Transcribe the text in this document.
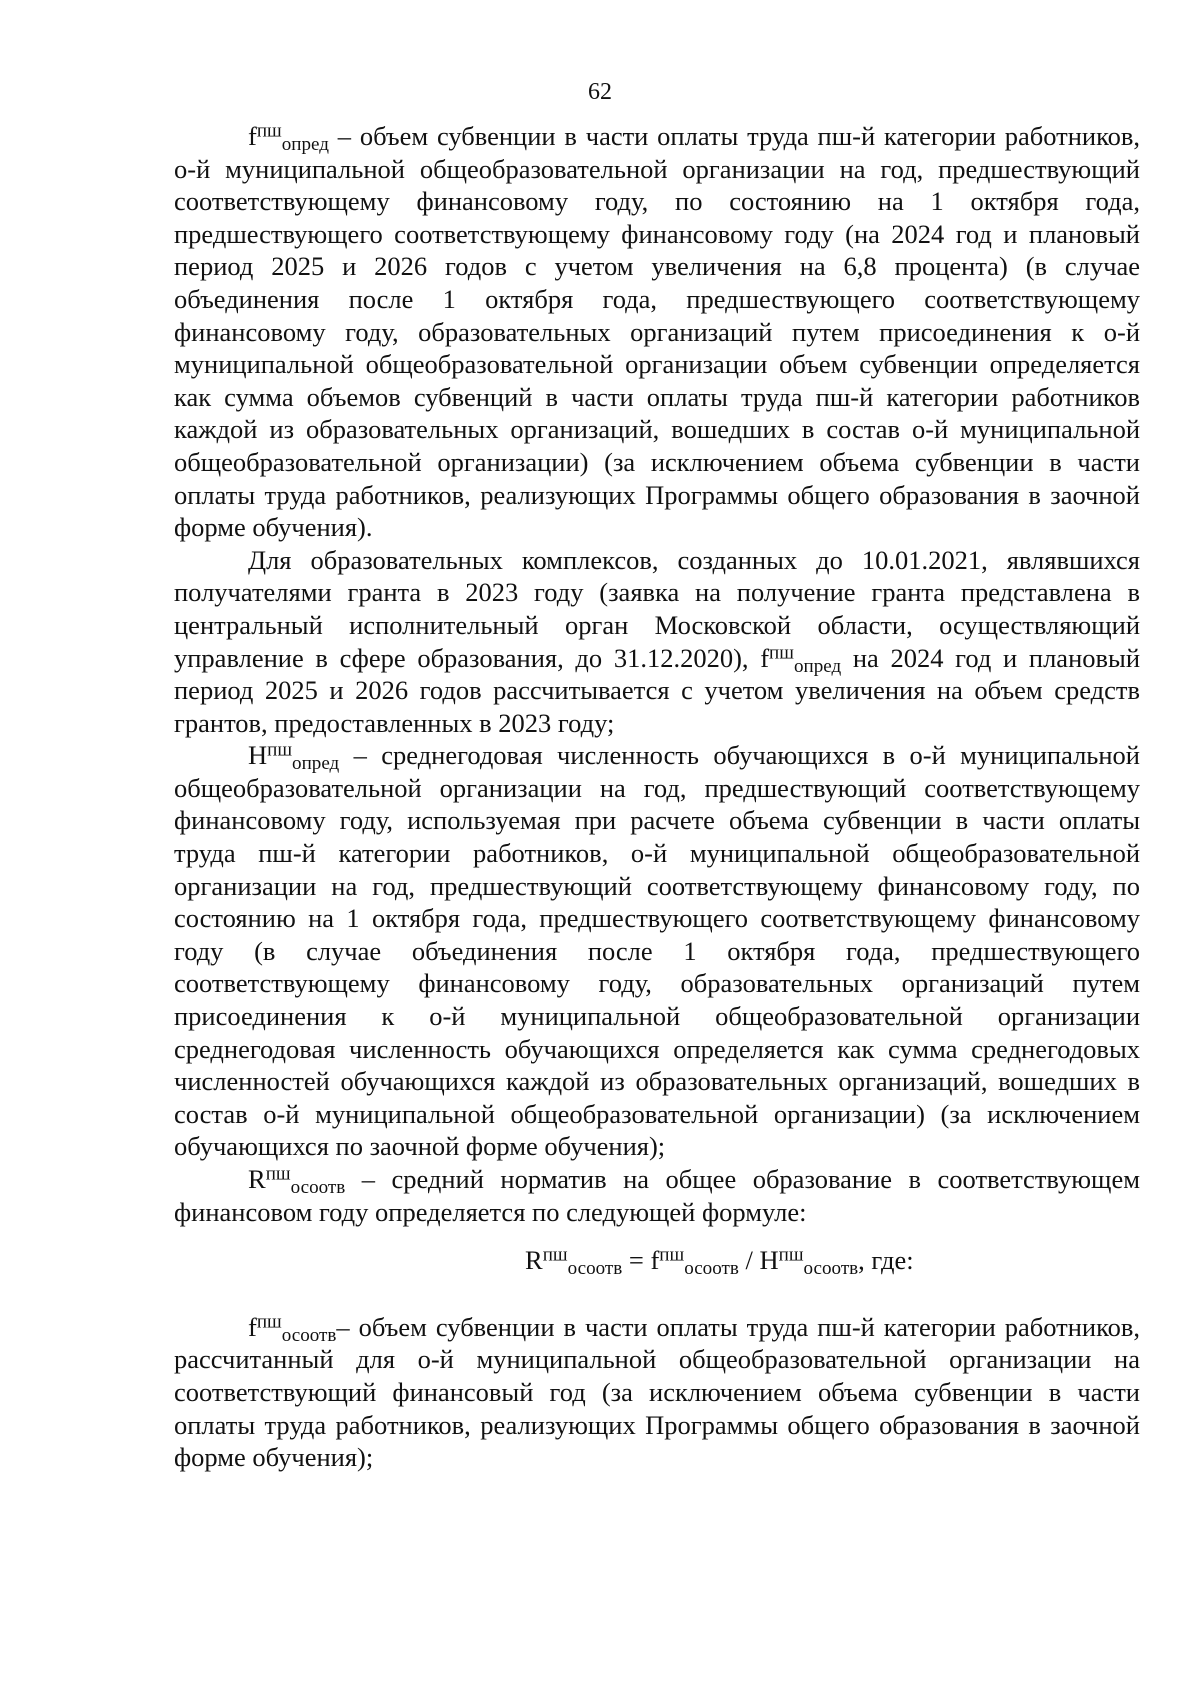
62

$f^{пш}_{опред}$ – объем субвенции в части оплаты труда пш-й категории работников, о-й муниципальной общеобразовательной организации на год, предшествующий соответствующему финансовому году, по состоянию на 1 октября года, предшествующего соответствующему финансовому году (на 2024 год и плановый период 2025 и 2026 годов с учетом увеличения на 6,8 процента) (в случае объединения после 1 октября года, предшествующего соответствующему финансовому году, образовательных организаций путем присоединения к о-й муниципальной общеобразовательной организации объем субвенции определяется как сумма объемов субвенций в части оплаты труда пш-й категории работников каждой из образовательных организаций, вошедших в состав о-й муниципальной общеобразовательной организации) (за исключением объема субвенции в части оплаты труда работников, реализующих Программы общего образования в заочной форме обучения).

Для образовательных комплексов, созданных до 10.01.2021, являвшихся получателями гранта в 2023 году (заявка на получение гранта представлена в центральный исполнительный орган Московской области, осуществляющий управление в сфере образования, до 31.12.2020), $f^{пш}_{опред}$ на 2024 год и плановый период 2025 и 2026 годов рассчитывается с учетом увеличения на объем средств грантов, предоставленных в 2023 году;

$H^{пш}_{опред}$ – среднегодовая численность обучающихся в о-й муниципальной общеобразовательной организации на год, предшествующий соответствующему финансовому году, используемая при расчете объема субвенции в части оплаты труда пш-й категории работников, о-й муниципальной общеобразовательной организации на год, предшествующий соответствующему финансовому году, по состоянию на 1 октября года, предшествующего соответствующему финансовому году (в случае объединения после 1 октября года, предшествующего соответствующему финансовому году, образовательных организаций путем присоединения к о-й муниципальной общеобразовательной организации среднегодовая численность обучающихся определяется как сумма среднегодовых численностей обучающихся каждой из образовательных организаций, вошедших в состав о-й муниципальной общеобразовательной организации) (за исключением обучающихся по заочной форме обучения);

$R^{пш}_{осоотв}$ – средний норматив на общее образование в соответствующем финансовом году определяется по следующей формуле:

$R^{пш}_{осоотв} = f^{пш}_{осоотв} / H^{пш}_{осоотв}$, где:

$f^{пш}_{осоотв}-$ объем субвенции в части оплаты труда пш-й категории работников, рассчитанный для о-й муниципальной общеобразовательной организации на соответствующий финансовый год (за исключением объема субвенции в части оплаты труда работников, реализующих Программы общего образования в заочной форме обучения);
